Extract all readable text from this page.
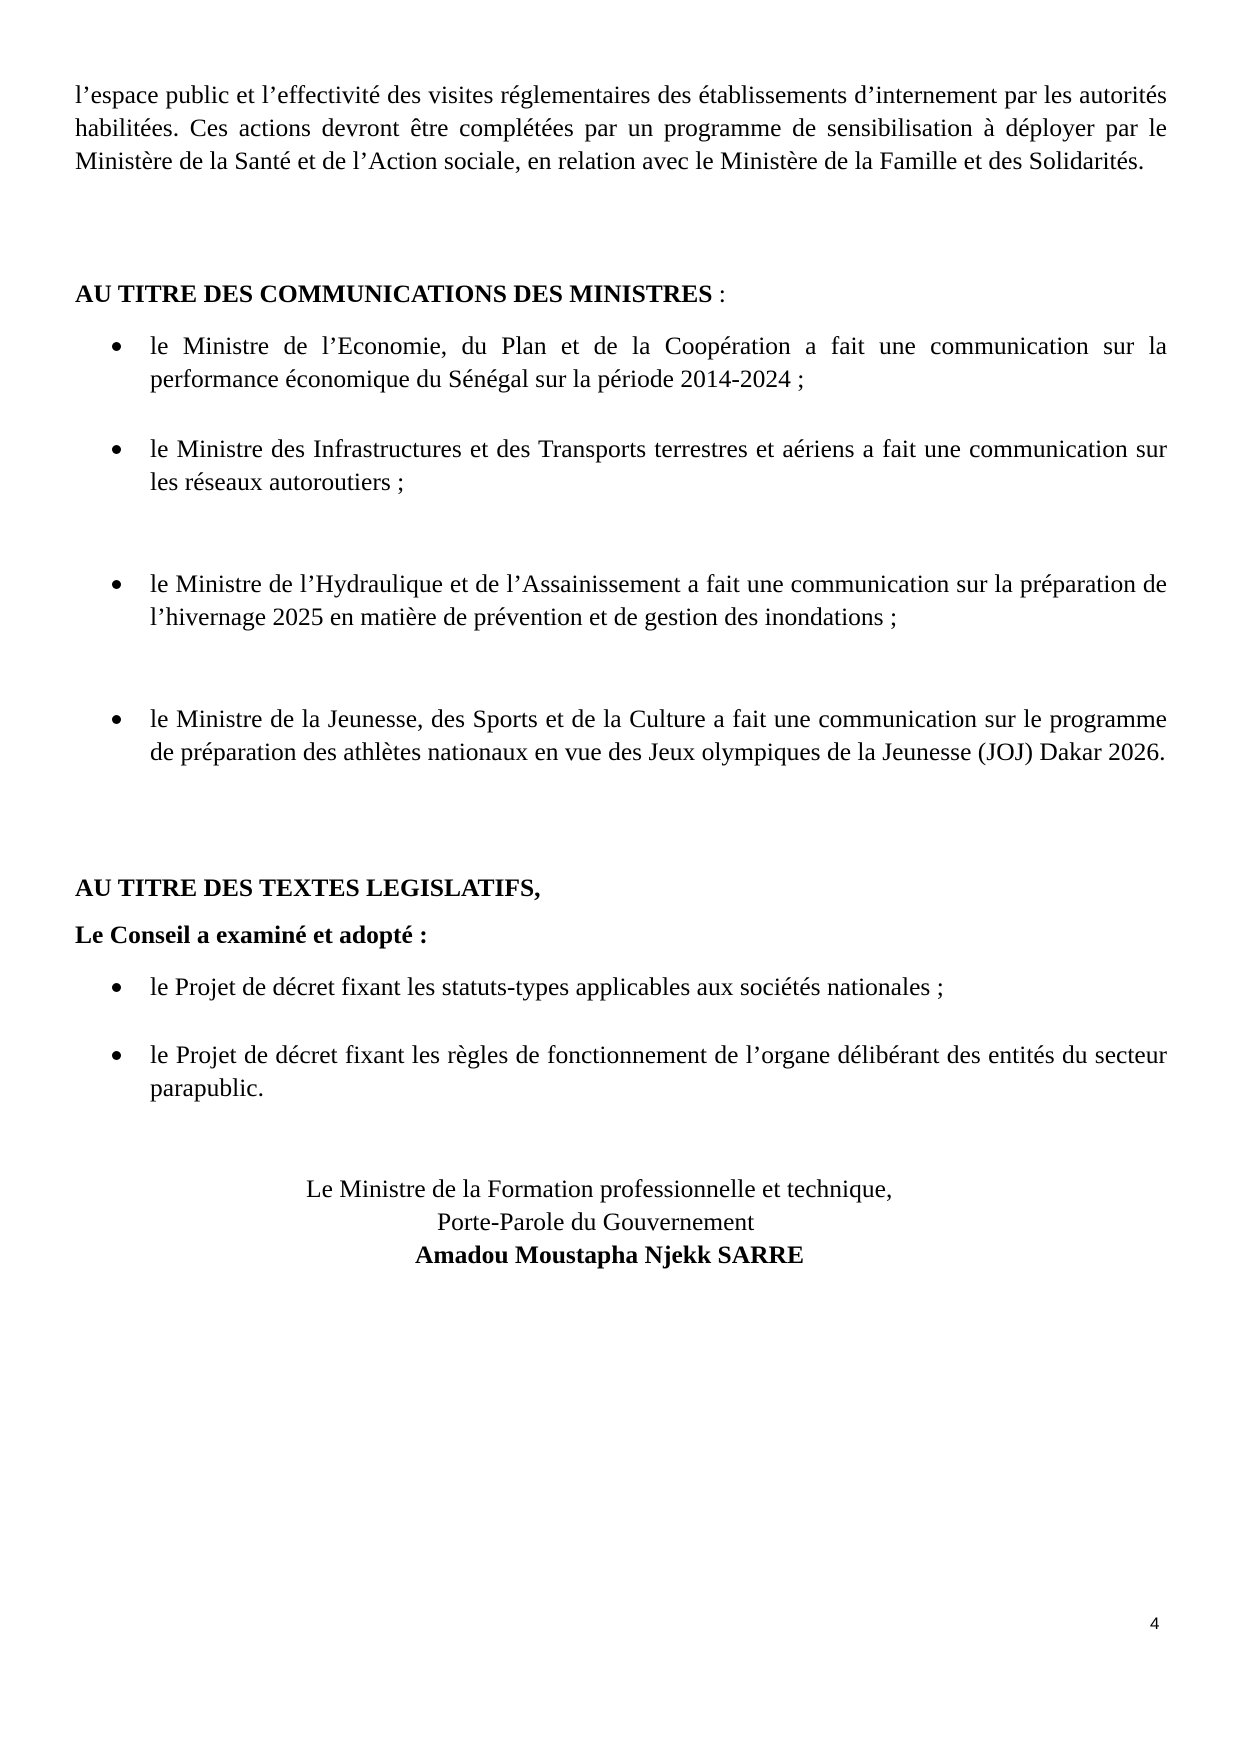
l’espace public et l’effectivité des visites réglementaires des établissements d’internement par les autorités habilitées. Ces actions devront être complétées par un programme de sensibilisation à déployer par le Ministère de la Santé et de l’Action sociale, en relation avec le Ministère de la Famille et des Solidarités.
AU TITRE DES COMMUNICATIONS DES MINISTRES :
le Ministre de l’Economie, du Plan et de la Coopération a fait une communication sur la performance économique du Sénégal sur la période 2014-2024 ;
le Ministre des Infrastructures et des Transports terrestres et aériens a fait une communication sur les réseaux autoroutiers ;
le Ministre de l’Hydraulique et de l’Assainissement a fait une communication sur la préparation de l’hivernage 2025 en matière de prévention et de gestion des inondations ;
le Ministre de la Jeunesse, des Sports et de la Culture a fait une communication sur le programme de préparation des athlètes nationaux en vue des Jeux olympiques de la Jeunesse (JOJ) Dakar 2026.
AU TITRE DES TEXTES LEGISLATIFS,
Le Conseil a examiné et adopté :
le Projet de décret fixant les statuts-types applicables aux sociétés nationales ;
le Projet de décret fixant les règles de fonctionnement de l’organe délibérant des entités du secteur parapublic.
Le Ministre de la Formation professionnelle et technique,
Porte-Parole du Gouvernement
Amadou Moustapha Njekk SARRE
4
